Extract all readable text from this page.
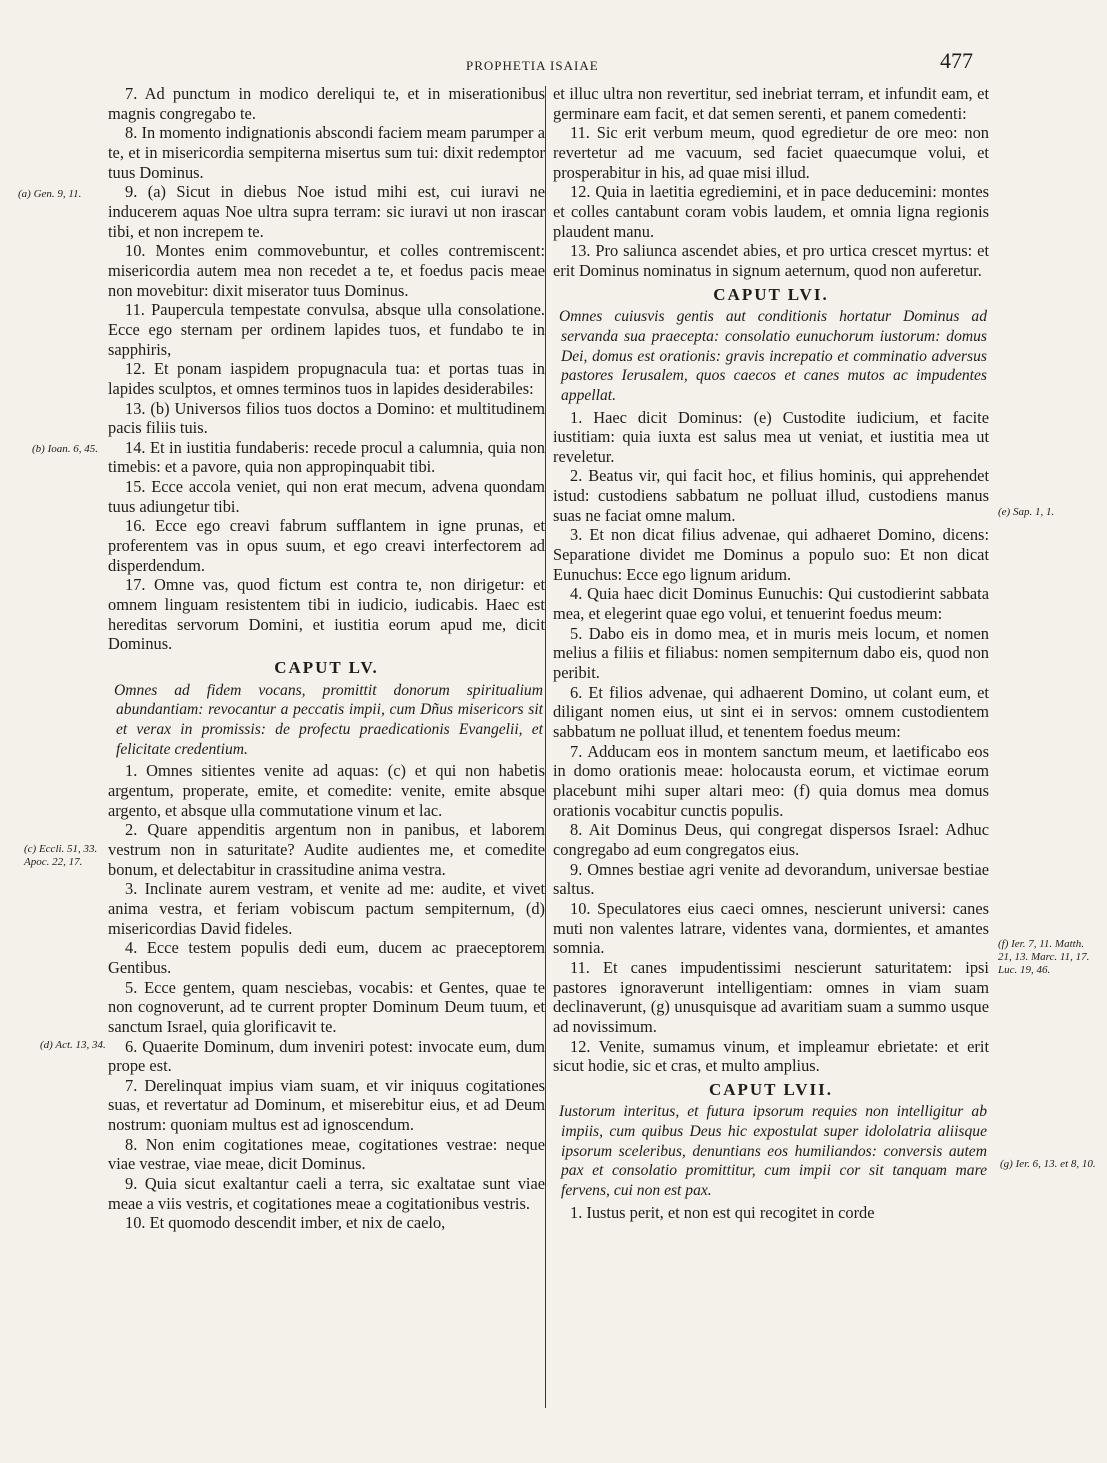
PROPHETIA ISAIAE	477

7. Ad punctum in modico dereliqui te, et in miserationibus magnis congregabo te.

8. In momento indignationis abscondi faciem meam parumper a te, et in misericordia sempiterna misertus sum tui: dixit redemptor tuus Dominus.

9. (a) Sicut in diebus Noe istud mihi est, cui iuravi ne inducerem aquas Noe ultra supra terram: sic iuravi ut non irascar tibi, et non increpem te.

10. Montes enim commovebuntur, et colles contremiscent: misericordia autem mea non recedet a te, et foedus pacis meae non movebitur: dixit miserator tuus Dominus.

11. Paupercula tempestate convulsa, absque ulla consolatione. Ecce ego sternam per ordinem lapides tuos, et fundabo te in sapphiris,

12. Et ponam iaspidem propugnacula tua: et portas tuas in lapides sculptos, et omnes terminos tuos in lapides desiderabiles:

13. (b) Universos filios tuos doctos a Domino: et multitudinem pacis filiis tuis.

14. Et in iustitia fundaberis: recede procul a calumnia, quia non timebis: et a pavore, quia non appropinquabit tibi.

15. Ecce accola veniet, qui non erat mecum, advena quondam tuus adiungetur tibi.

16. Ecce ego creavi fabrum sufflantem in igne prunas, et proferentem vas in opus suum, et ego creavi interfectorem ad disperdendum.

17. Omne vas, quod fictum est contra te, non dirigetur: et omnem linguam resistentem tibi in iudicio, iudicabis. Haec est hereditas servorum Domini, et iustitia eorum apud me, dicit Dominus.

CAPUT LV.

Omnes ad fidem vocans, promittit donorum spiritualium abundantiam: revocantur a peccatis impii, cum Dñus misericors sit et verax in promissis: de profectu praedicationis Evangelii, et felicitate credentium.

1. Omnes sitientes venite ad aquas: (c) et qui non habetis argentum, properate, emite, et comedite: venite, emite absque argento, et absque ulla commutatione vinum et lac.

2. Quare appenditis argentum non in panibus, et laborem vestrum non in saturitate? Audite audientes me, et comedite bonum, et delectabitur in crassitudine anima vestra.

3. Inclinate aurem vestram, et venite ad me: audite, et vivet anima vestra, et feriam vobiscum pactum sempiternum, (d) misericordias David fideles.

4. Ecce testem populis dedi eum, ducem ac praeceptorem Gentibus.

5. Ecce gentem, quam nesciebas, vocabis: et Gentes, quae te non cognoverunt, ad te current propter Dominum Deum tuum, et sanctum Israel, quia glorificavit te.

6. Quaerite Dominum, dum inveniri potest: invocate eum, dum prope est.

7. Derelinquat impius viam suam, et vir iniquus cogitationes suas, et revertatur ad Dominum, et miserebitur eius, et ad Deum nostrum: quoniam multus est ad ignoscendum.

8. Non enim cogitationes meae, cogitationes vestrae: neque viae vestrae, viae meae, dicit Dominus.

9. Quia sicut exaltantur caeli a terra, sic exaltatae sunt viae meae a viis vestris, et cogitationes meae a cogitationibus vestris.

10. Et quomodo descendit imber, et nix de caelo,

et illuc ultra non revertitur, sed inebriat terram, et infundit eam, et germinare eam facit, et dat semen serenti, et panem comedenti:

11. Sic erit verbum meum, quod egredietur de ore meo: non revertetur ad me vacuum, sed faciet quaecumque volui, et prosperabitur in his, ad quae misi illud.

12. Quia in laetitia egrediemini, et in pace deducemini: montes et colles cantabunt coram vobis laudem, et omnia ligna regionis plaudent manu.

13. Pro saliunca ascendet abies, et pro urtica crescet myrtus: et erit Dominus nominatus in signum aeternum, quod non auferetur.

CAPUT LVI.

Omnes cuiusvis gentis aut conditionis hortatur Dominus ad servanda sua praecepta: consolatio eunuchorum iustorum: domus Dei, domus est orationis: gravis increpatio et comminatio adversus pastores Ierusalem, quos caecos et canes mutos ac impudentes appellat.

1. Haec dicit Dominus: (e) Custodite iudicium, et facite iustitiam: quia iuxta est salus mea ut veniat, et iustitia mea ut reveletur.

2. Beatus vir, qui facit hoc, et filius hominis, qui apprehendet istud: custodiens sabbatum ne polluat illud, custodiens manus suas ne faciat omne malum.

3. Et non dicat filius advenae, qui adhaeret Domino, dicens: Separatione dividet me Dominus a populo suo: Et non dicat Eunuchus: Ecce ego lignum aridum.

4. Quia haec dicit Dominus Eunuchis: Qui custodierint sabbata mea, et elegerint quae ego volui, et tenuerint foedus meum:

5. Dabo eis in domo mea, et in muris meis locum, et nomen melius a filiis et filiabus: nomen sempiternum dabo eis, quod non peribit.

6. Et filios advenae, qui adhaerent Domino, ut colant eum, et diligant nomen eius, ut sint ei in servos: omnem custodientem sabbatum ne polluat illud, et tenentem foedus meum:

7. Adducam eos in montem sanctum meum, et laetificabo eos in domo orationis meae: holocausta eorum, et victimae eorum placebunt mihi super altari meo: (f) quia domus mea domus orationis vocabitur cunctis populis.

8. Ait Dominus Deus, qui congregat dispersos Israel: Adhuc congregabo ad eum congregatos eius.

9. Omnes bestiae agri venite ad devorandum, universae bestiae saltus.

10. Speculatores eius caeci omnes, nescierunt universi: canes muti non valentes latrare, videntes vana, dormientes, et amantes somnia.

11. Et canes impudentissimi nescierunt saturitatem: ipsi pastores ignoraverunt intelligentiam: omnes in viam suam declinaverunt, (g) unusquisque ad avaritiam suam a summo usque ad novissimum.

12. Venite, sumamus vinum, et impleamur ebrietate: et erit sicut hodie, sic et cras, et multo amplius.

CAPUT LVII.

Iustorum interitus, et futura ipsorum requies non intelligitur ab impiis, cum quibus Deus hic expostulat super idololatria aliisque ipsorum sceleribus, denuntians eos humiliandos: conversis autem pax et consolatio promittitur, cum impii cor sit tanquam mare fervens, cui non est pax.

1. Iustus perit, et non est qui recogitet in corde

(a) Gen. 9, 11.
(b) Ioan. 6, 45.
(c) Eccli. 51, 33. Apoc. 22, 17.
(d) Act. 13, 34.
(e) Sap. 1, 1.
(f) Ier. 7, 11. Matth. 21, 13. Marc. 11, 17. Luc. 19, 46.
(g) Ier. 6, 13. et 8, 10.
